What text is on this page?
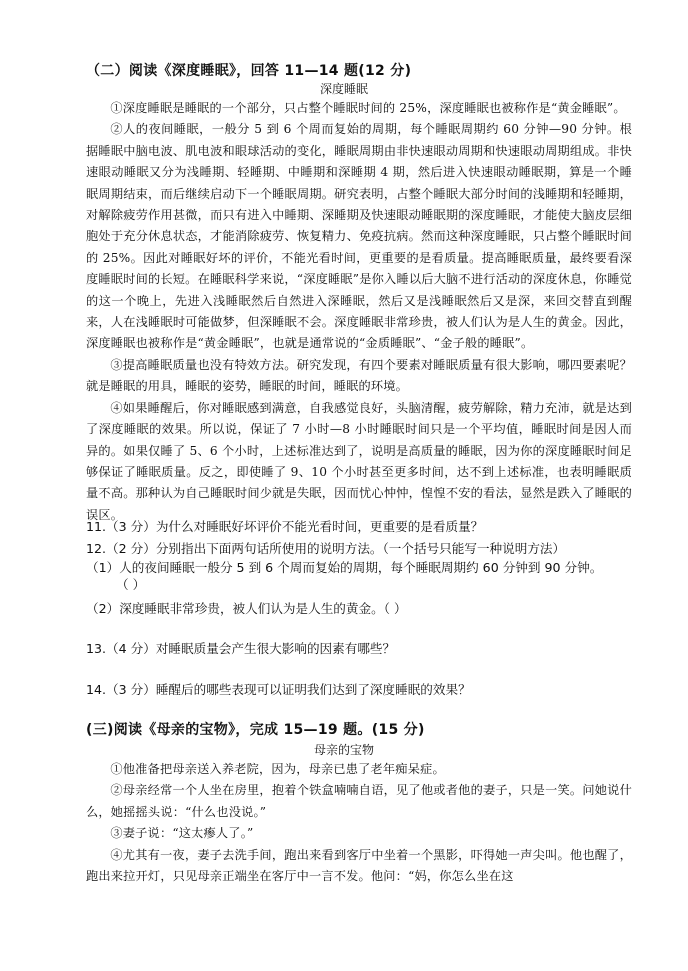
（二）阅读《深度睡眠》，回答 11—14 题(12 分)
深度睡眠

①深度睡眠是睡眠的一个部分，只占整个睡眠时间的 25%，深度睡眠也被称作是“黄金睡眠”。

②人的夜间睡眠，一般分 5 到 6 个周而复始的周期，每个睡眠周期约 60 分钟—90 分钟。根据睡眠中脑电波、肌电波和眼球活动的变化，睡眠周期由非快速眼动周期和快速眼动周期组成。非快速眼动睡眠又分为浅睡期、轻睡期、中睡期和深睡期 4 期，然后进入快速眼动睡眠期，算是一个睡眠周期结束，而后继续启动下一个睡眠周期。研究表明，占整个睡眠大部分时间的浅睡期和轻睡期，对解除疲劳作用甚微，而只有进入中睡期、深睡期及快速眼动睡眠期的深度睡眠，才能使大脑皮层细胞处于充分休息状态，才能消除疲劳、恢复精力、免疫抗病。然而这种深度睡眠，只占整个睡眠时间的 25%。因此对睡眠好坏的评价，不能光看时间，更重要的是看质量。提高睡眠质量，最终要看深度睡眠时间的长短。在睡眠科学来说，“深度睡眠”是你入睡以后大脑不进行活动的深度休息，你睡觉的这一个晚上，先进入浅睡眠然后自然进入深睡眠，然后又是浅睡眠然后又是深，来回交替直到醒来，人在浅睡眠时可能做梦，但深睡眠不会。深度睡眠非常珍贵，被人们认为是人生的黄金。因此，深度睡眠也被称作是“黄金睡眠”，也就是通常说的“金质睡眠”、“金子般的睡眠”。

③提高睡眠质量也没有特效方法。研究发现，有四个要素对睡眠质量有很大影响，哪四要素呢？就是睡眠的用具，睡眠的姿势，睡眠的时间，睡眠的环境。

④如果睡醒后，你对睡眠感到满意，自我感觉良好，头脑清醒，疲劳解除，精力充沛，就是达到了深度睡眠的效果。所以说，保证了 7 小时—8 小时睡眠时间只是一个平均值，睡眠时间是因人而异的。如果仅睡了 5、6 个小时，上述标准达到了，说明是高质量的睡眠，因为你的深度睡眠时间足够保证了睡眠质量。反之，即使睡了 9、10 个小时甚至更多时间，达不到上述标准，也表明睡眠质量不高。那种认为自己睡眠时间少就是失眠，因而忧心忡忡，惶惶不安的看法，显然是跌入了睡眠的误区。

11.（3 分）为什么对睡眠好坏评价不能光看时间，更重要的是看质量？
12.（2 分）分别指出下面两句话所使用的说明方法。（一个括号只能写一种说明方法）
（1）人的夜间睡眠一般分 5 到 6 个周而复始的周期，每个睡眠周期约 60 分钟到 90 分钟。
（ ）
（2）深度睡眠非常珍贵，被人们认为是人生的黄金。（ ）
13.（4 分）对睡眠质量会产生很大影响的因素有哪些？
14.（3 分）睡醒后的哪些表现可以证明我们达到了深度睡眠的效果？
(三)阅读《母亲的宝物》，完成 15—19 题。(15 分)
母亲的宝物

①他准备把母亲送入养老院，因为，母亲已患了老年痴呆症。

②母亲经常一个人坐在房里，抱着个铁盒喃喃自语，见了他或者他的妻子，只是一笑。问她说什么，她摇摇头说：“什么也没说。”

③妻子说：“这太瘆人了。”

④尤其有一夜，妻子去洗手间，跑出来看到客厅中坐着一个黑影，吓得她一声尖叫。他也醒了，跑出来拉开灯，只见母亲正端坐在客厅中一言不发。他问：“妈，你怎么坐在这
